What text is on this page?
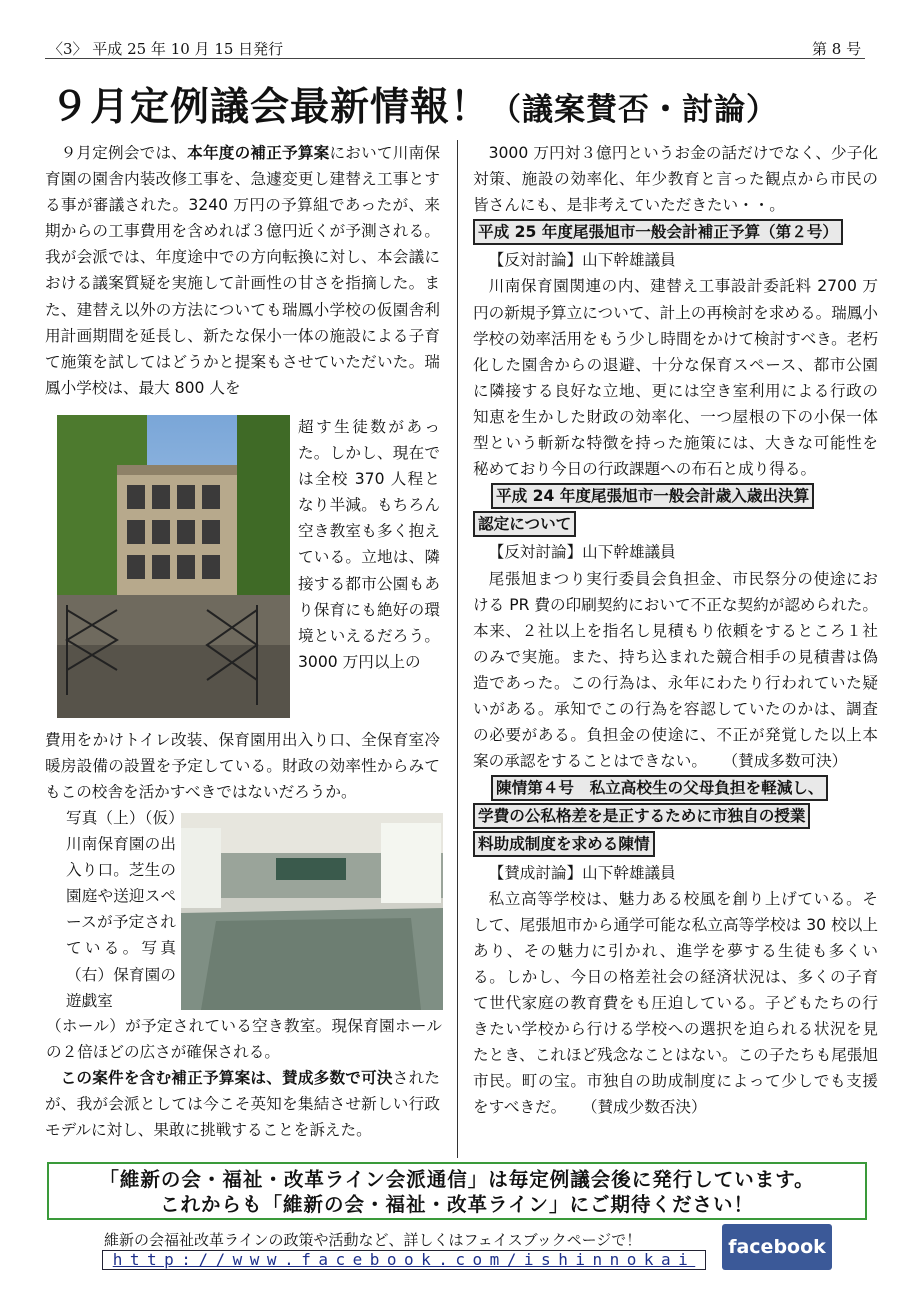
〈3〉 平成 25 年 10 月 15 日発行	第 8 号
９月定例議会最新情報！（議案賛否・討論）

９月定例会では、本年度の補正予算案において川南保育園の園舎内装改修工事を、急遽変更し建替え工事とする事が審議された。3240 万円の予算組であったが、来期からの工事費用を含めれば３億円近くが予測される。我が会派では、年度途中での方向転換に対し、本会議における議案質疑を実施して計画性の甘さを指摘した。また、建替え以外の方法についても瑞鳳小学校の仮園舎利用計画期間を延長し、新たな保小一体の施設による子育て施策を試してはどうかと提案もさせていただいた。瑞鳳小学校は、最大 800 人を

超す生徒数があった。しかし、現在では全校 370 人程となり半減。もちろん空き教室も多く抱えている。立地は、隣接する都市公園もあり保育にも絶好の環境といえるだろう。3000 万円以上の

費用をかけトイレ改装、保育園用出入り口、全保育室冷暖房設備の設置を予定している。財政の効率性からみてもこの校舎を活かすべきではないだろうか。

写真（上）（仮）川南保育園の出入り口。芝生の園庭や送迎スペースが予定されている。写真（右）保育園の遊戯室

（ホール）が予定されている空き教室。現保育園ホールの２倍ほどの広さが確保される。

この案件を含む補正予算案は、賛成多数で可決されたが、我が会派としては今こそ英知を集結させ新しい行政モデルに対し、果敢に挑戦することを訴えた。

3000 万円対３億円というお金の話だけでなく、少子化対策、施設の効率化、年少教育と言った観点から市民の皆さんにも、是非考えていただきたい・・。

平成 25 年度尾張旭市一般会計補正予算（第２号）

【反対討論】山下幹雄議員

川南保育園関連の内、建替え工事設計委託料 2700 万円の新規予算立について、計上の再検討を求める。瑞鳳小学校の効率活用をもう少し時間をかけて検討すべき。老朽化した園舎からの退避、十分な保育スペース、都市公園に隣接する良好な立地、更には空き室利用による行政の知恵を生かした財政の効率化、一つ屋根の下の小保一体型という斬新な特徴を持った施策には、大きな可能性を秘めており今日の行政課題への布石と成り得る。

平成 24 年度尾張旭市一般会計歳入歳出決算
認定について

【反対討論】山下幹雄議員

尾張旭まつり実行委員会負担金、市民祭分の使途における PR 費の印刷契約において不正な契約が認められた。本来、２社以上を指名し見積もり依頼をするところ１社のみで実施。また、持ち込まれた競合相手の見積書は偽造であった。この行為は、永年にわたり行われていた疑いがある。承知でこの行為を容認していたのかは、調査の必要がある。負担金の使途に、不正が発覚した以上本案の承認をすることはできない。　　 （賛成多数可決）

陳情第４号　私立高校生の父母負担を軽減し、
学費の公私格差を是正するために市独自の授業
料助成制度を求める陳情

【賛成討論】山下幹雄議員

私立高等学校は、魅力ある校風を創り上げている。そして、尾張旭市から通学可能な私立高等学校は 30 校以上あり、その魅力に引かれ、進学を夢する生徒も多くいる。しかし、今日の格差社会の経済状況は、多くの子育て世代家庭の教育費をも圧迫している。子どもたちの行きたい学校から行ける学校への選択を迫られる状況を見たとき、これほど残念なことはない。この子たちも尾張旭市民。町の宝。市独自の助成制度によって少しでも支援をすべきだ。　　 （賛成少数否決）

「維新の会・福祉・改革ライン会派通信」は毎定例議会後に発行しています。
これからも「維新の会・福祉・改革ライン」にご期待ください！
維新の会福祉改革ラインの政策や活動など、詳しくはフェイスブックページで！
http://www.facebook.com/ishinnokai
facebook
